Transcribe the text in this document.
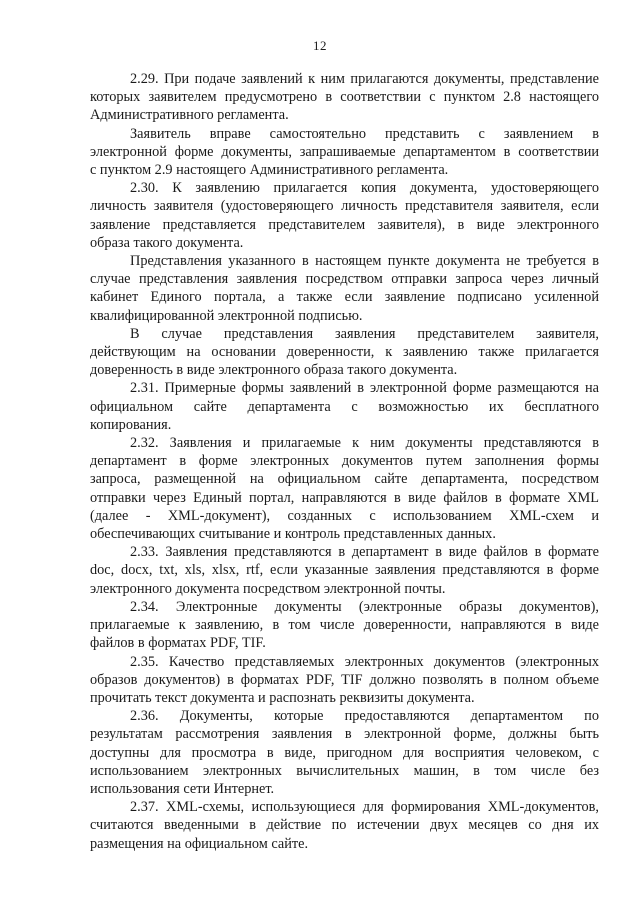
12
2.29. При подаче заявлений к ним прилагаются документы, представление
которых заявителем предусмотрено в соответствии с пунктом 2.8 настоящего
Административного регламента.
Заявитель вправе самостоятельно представить с заявлением в
электронной форме документы, запрашиваемые департаментом в соответствии
с пунктом 2.9 настоящего Административного регламента.
2.30. К заявлению прилагается копия документа, удостоверяющего
личность заявителя (удостоверяющего личность представителя заявителя, если
заявление представляется представителем заявителя), в виде электронного
образа такого документа.
Представления указанного в настоящем пункте документа не требуется в
случае представления заявления посредством отправки запроса через личный
кабинет Единого портала, а также если заявление подписано усиленной
квалифицированной электронной подписью.
В случае представления заявления представителем заявителя,
действующим на основании доверенности, к заявлению также прилагается
доверенность в виде электронного образа такого документа.
2.31. Примерные формы заявлений в электронной форме размещаются на
официальном сайте департамента с возможностью их бесплатного
копирования.
2.32. Заявления и прилагаемые к ним документы представляются в
департамент в форме электронных документов путем заполнения формы
запроса, размещенной на официальном сайте департамента, посредством
отправки через Единый портал, направляются в виде файлов в формате XML
(далее - XML-документ), созданных с использованием XML-схем и
обеспечивающих считывание и контроль представленных данных.
2.33. Заявления представляются в департамент в виде файлов в формате
doc, docx, txt, xls, xlsx, rtf, если указанные заявления представляются в форме
электронного документа посредством электронной почты.
2.34. Электронные документы (электронные образы документов),
прилагаемые к заявлению, в том числе доверенности, направляются в виде
файлов в форматах PDF, TIF.
2.35. Качество представляемых электронных документов (электронных
образов документов) в форматах PDF, TIF должно позволять в полном объеме
прочитать текст документа и распознать реквизиты документа.
2.36. Документы, которые предоставляются департаментом по
результатам рассмотрения заявления в электронной форме, должны быть
доступны для просмотра в виде, пригодном для восприятия человеком, с
использованием электронных вычислительных машин, в том числе без
использования сети Интернет.
2.37. XML-схемы, использующиеся для формирования XML-документов,
считаются введенными в действие по истечении двух месяцев со дня их
размещения на официальном сайте.
